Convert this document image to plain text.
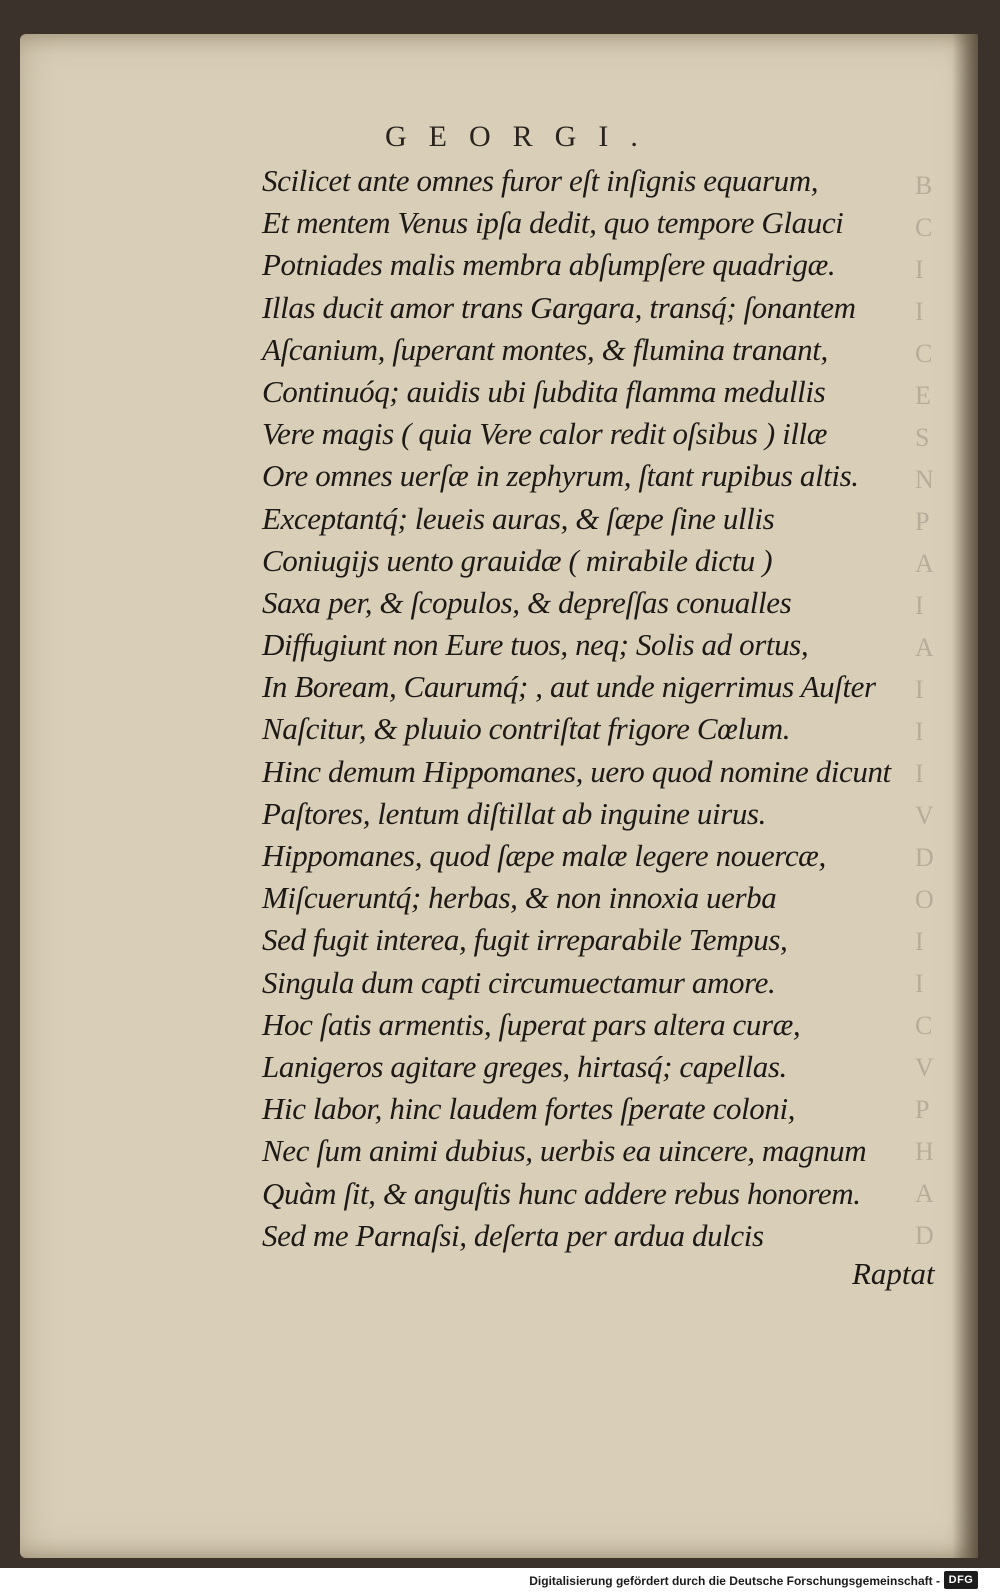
B
C
I
I
C
E
S
N
P
A
I
A
I
I
I
V
D
O
I
I
C
V
P
H
A
D
GEORGI.
Scilicet ante omnes furor eſt inſignis equarum,
Et mentem Venus ipſa dedit, quo tempore Glauci
Potniades malis membra abſumpſere quadrigæ.
Illas ducit amor trans Gargara, transq́; ſonantem
Aſcanium, ſuperant montes, & flumina tranant,
Continuóq; auidis ubi ſubdita flamma medullis
Vere magis ( quia Vere calor redit oſsibus ) illæ
Ore omnes uerſæ in zephyrum, ſtant rupibus altis.
Exceptantq́; leueis auras, & ſæpe ſine ullis
Coniugijs uento grauidæ ( mirabile dictu )
Saxa per, & ſcopulos, & depreſſas conualles
Diffugiunt non Eure tuos, neq; Solis ad ortus,
In Boream, Caurumq́; , aut unde nigerrimus Auſter
Naſcitur, & pluuio contriſtat frigore Cœlum.
Hinc demum Hippomanes, uero quod nomine dicunt
Paſtores, lentum diſtillat ab inguine uirus.
Hippomanes, quod ſæpe malæ legere nouercæ,
Miſcueruntq́; herbas, & non innoxia uerba
Sed fugit interea, fugit irreparabile Tempus,
Singula dum capti circumuectamur amore.
Hoc ſatis armentis, ſuperat pars altera curæ,
Lanigeros agitare greges, hirtasq́; capellas.
Hic labor, hinc laudem fortes ſperate coloni,
Nec ſum animi dubius, uerbis ea uincere, magnum
Quàm ſit, & anguſtis hunc addere rebus honorem.
Sed me Parnaſsi, deſerta per ardua dulcis
Raptat
Digitalisierung gefördert durch die Deutsche Forschungsgemeinschaft - DFG
